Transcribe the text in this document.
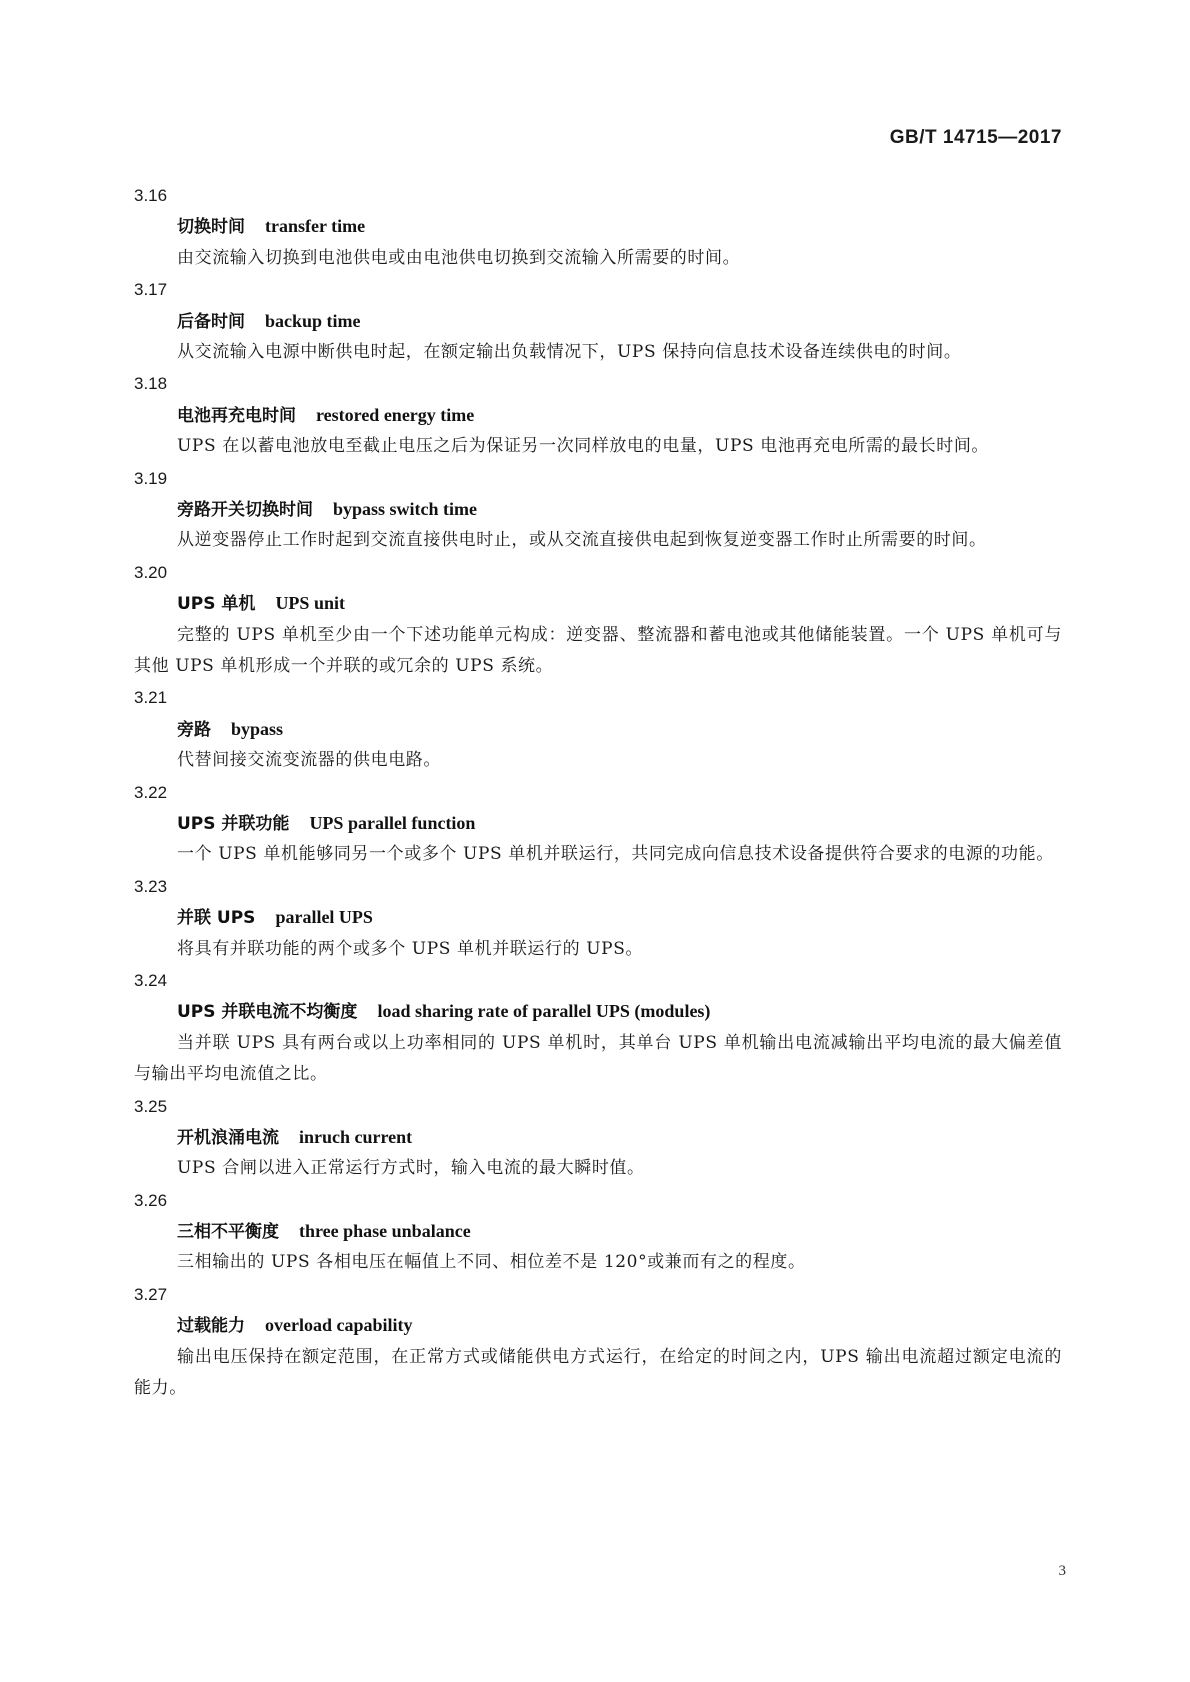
GB/T 14715—2017
3.16
切换时间 transfer time
由交流输入切换到电池供电或由电池供电切换到交流输入所需要的时间。
3.17
后备时间 backup time
从交流输入电源中断供电时起，在额定输出负载情况下，UPS 保持向信息技术设备连续供电的时间。
3.18
电池再充电时间 restored energy time
UPS 在以蓄电池放电至截止电压之后为保证另一次同样放电的电量，UPS 电池再充电所需的最长时间。
3.19
旁路开关切换时间 bypass switch time
从逆变器停止工作时起到交流直接供电时止，或从交流直接供电起到恢复逆变器工作时止所需要的时间。
3.20
UPS 单机 UPS unit
完整的 UPS 单机至少由一个下述功能单元构成：逆变器、整流器和蓄电池或其他储能装置。一个 UPS 单机可与其他 UPS 单机形成一个并联的或冗余的 UPS 系统。
3.21
旁路 bypass
代替间接交流变流器的供电电路。
3.22
UPS 并联功能 UPS parallel function
一个 UPS 单机能够同另一个或多个 UPS 单机并联运行，共同完成向信息技术设备提供符合要求的电源的功能。
3.23
并联 UPS parallel UPS
将具有并联功能的两个或多个 UPS 单机并联运行的 UPS。
3.24
UPS 并联电流不均衡度 load sharing rate of parallel UPS (modules)
当并联 UPS 具有两台或以上功率相同的 UPS 单机时，其单台 UPS 单机输出电流减输出平均电流的最大偏差值与输出平均电流值之比。
3.25
开机浪涌电流 inruch current
UPS 合闸以进入正常运行方式时，输入电流的最大瞬时值。
3.26
三相不平衡度 three phase unbalance
三相输出的 UPS 各相电压在幅值上不同、相位差不是 120°或兼而有之的程度。
3.27
过载能力 overload capability
输出电压保持在额定范围，在正常方式或储能供电方式运行，在给定的时间之内，UPS 输出电流超过额定电流的能力。
3
